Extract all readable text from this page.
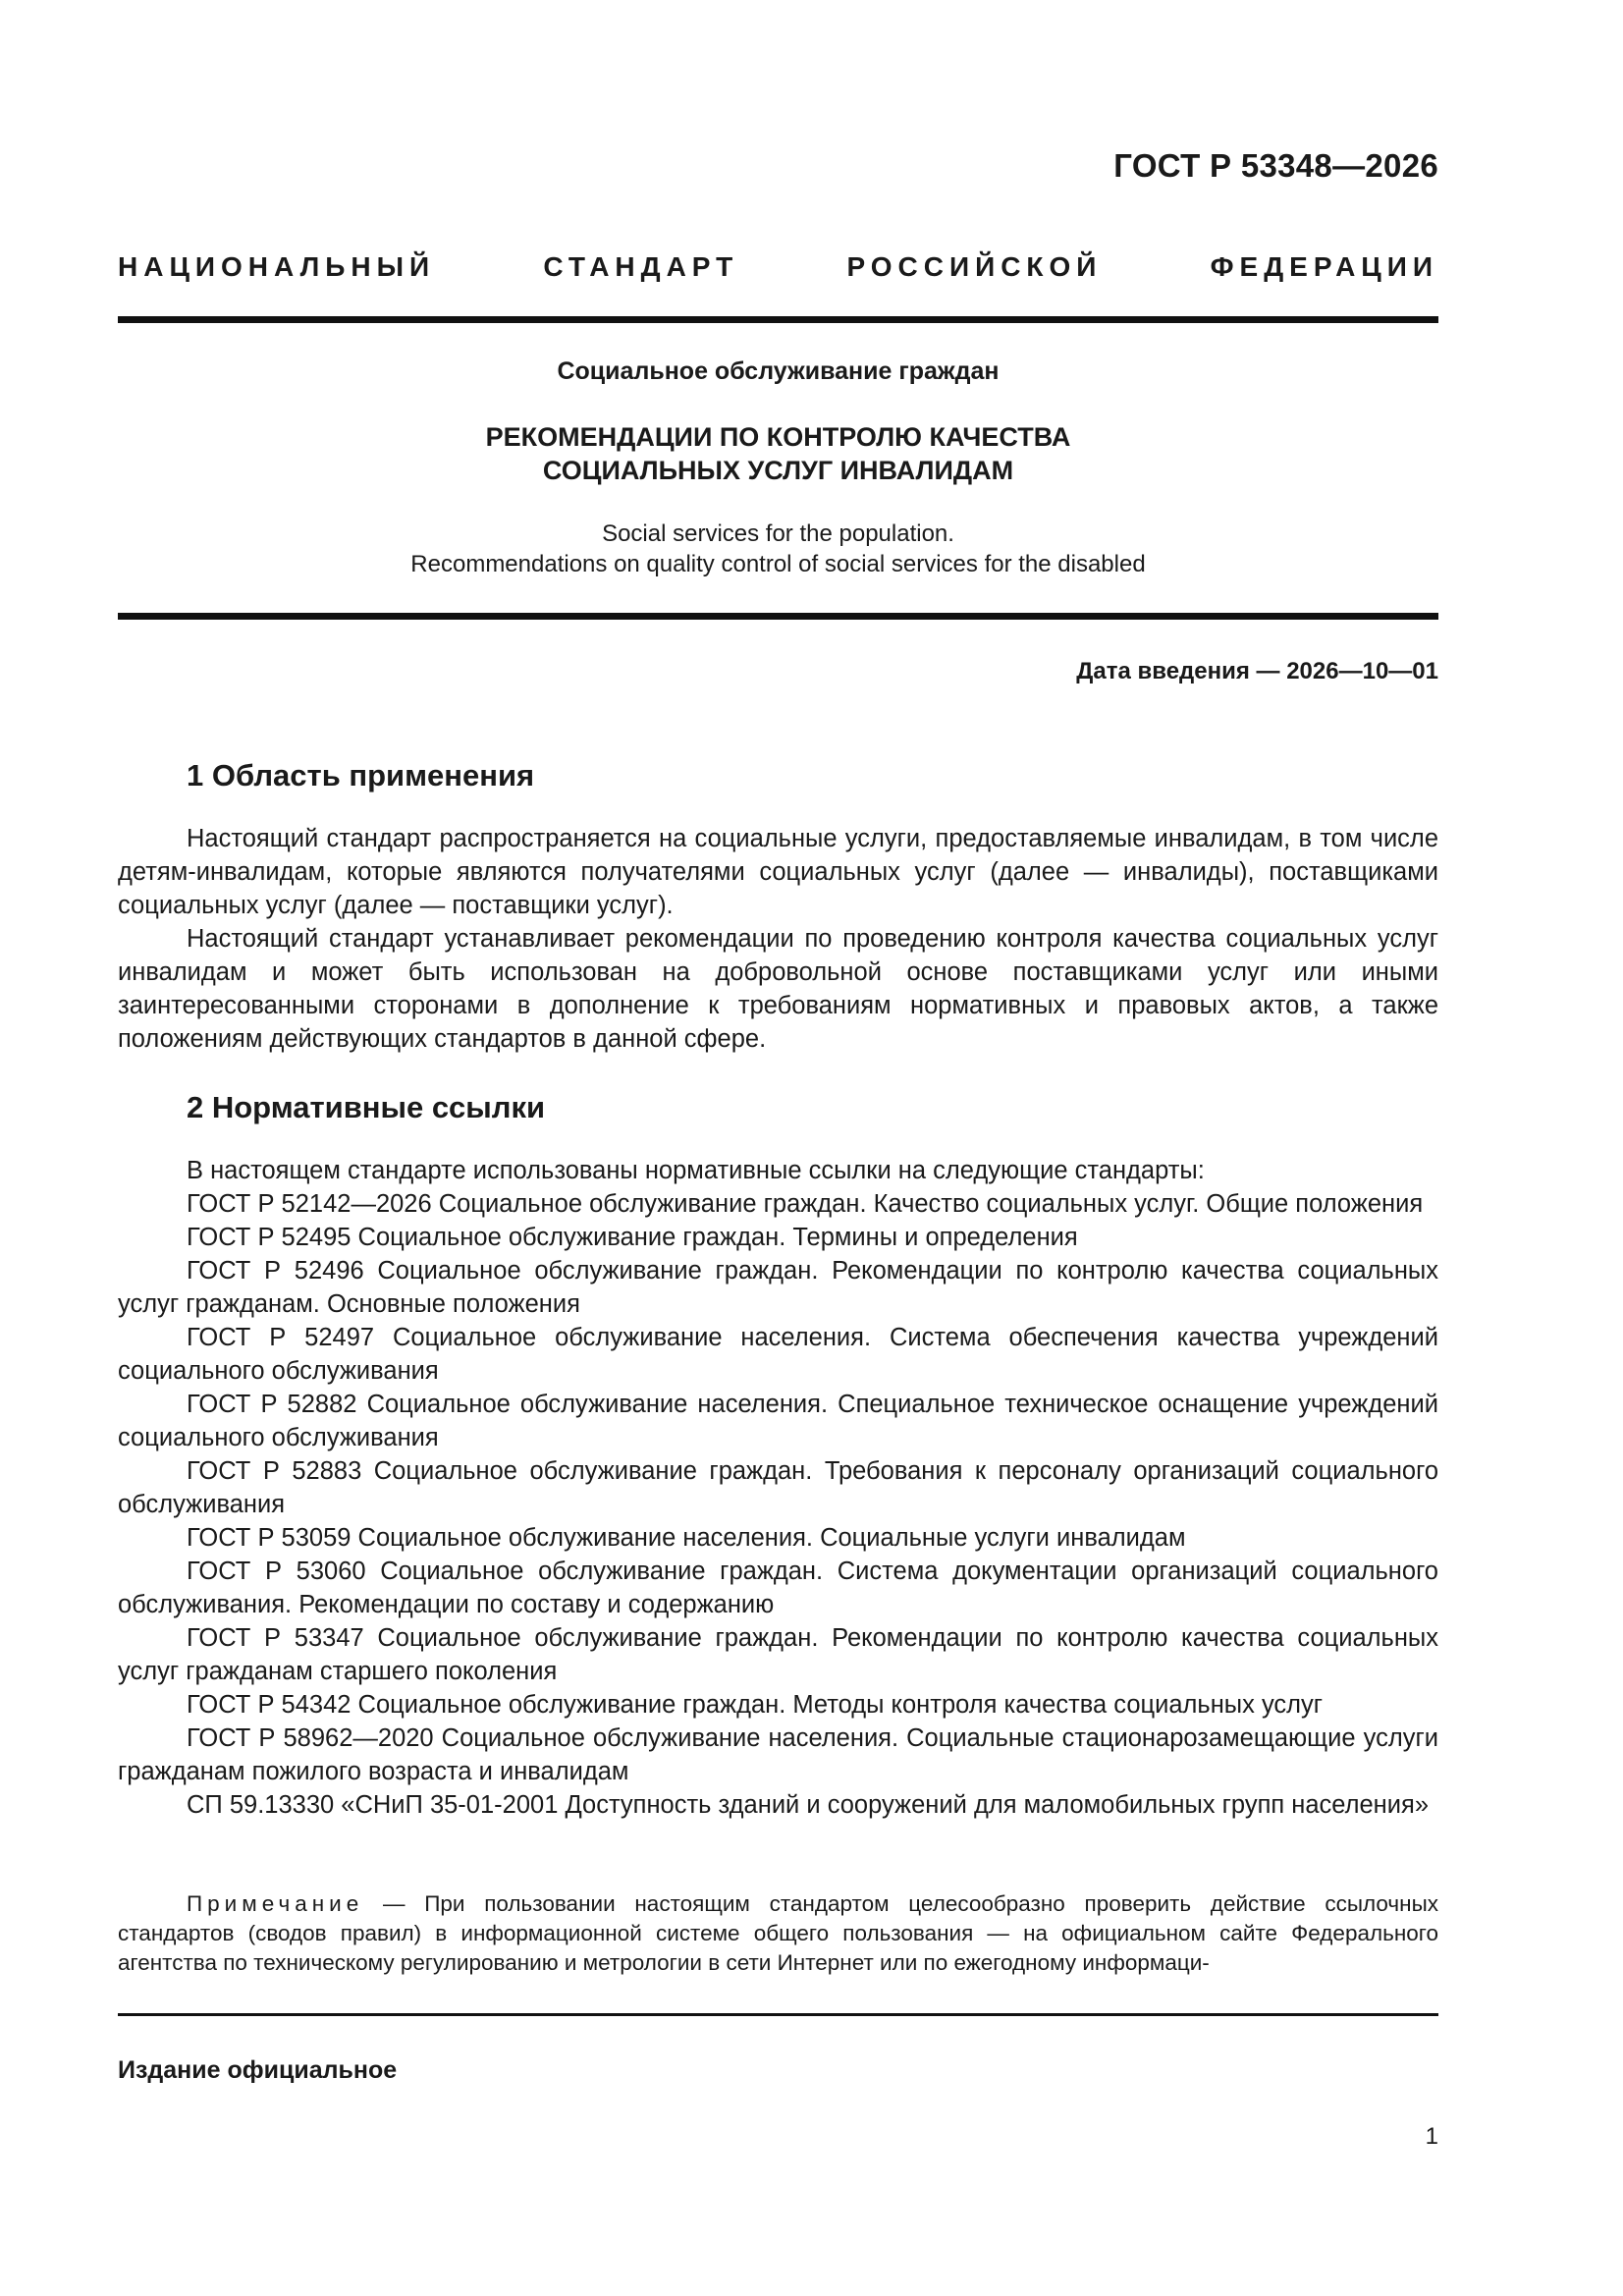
ГОСТ Р 53348—2026
НАЦИОНАЛЬНЫЙ СТАНДАРТ РОССИЙСКОЙ ФЕДЕРАЦИИ
Социальное обслуживание граждан
РЕКОМЕНДАЦИИ ПО КОНТРОЛЮ КАЧЕСТВА
СОЦИАЛЬНЫХ УСЛУГ ИНВАЛИДАМ
Social services for the population.
Recommendations on quality control of social services for the disabled
Дата введения — 2026—10—01
1 Область применения

Настоящий стандарт распространяется на социальные услуги, предоставляемые инвалидам, в том числе детям-инвалидам, которые являются получателями социальных услуг (далее — инвалиды), поставщиками социальных услуг (далее — поставщики услуг).

Настоящий стандарт устанавливает рекомендации по проведению контроля качества социальных услуг инвалидам и может быть использован на добровольной основе поставщиками услуг или иными заинтересованными сторонами в дополнение к требованиям нормативных и правовых актов, а также положениям действующих стандартов в данной сфере.

2 Нормативные ссылки

В настоящем стандарте использованы нормативные ссылки на следующие стандарты:

ГОСТ Р 52142—2026 Социальное обслуживание граждан. Качество социальных услуг. Общие положения

ГОСТ Р 52495 Социальное обслуживание граждан. Термины и определения

ГОСТ Р 52496 Социальное обслуживание граждан. Рекомендации по контролю качества социальных услуг гражданам. Основные положения

ГОСТ Р 52497 Социальное обслуживание населения. Система обеспечения качества учреждений социального обслуживания

ГОСТ Р 52882 Социальное обслуживание населения. Специальное техническое оснащение учреждений социального обслуживания

ГОСТ Р 52883 Социальное обслуживание граждан. Требования к персоналу организаций социального обслуживания

ГОСТ Р 53059 Социальное обслуживание населения. Социальные услуги инвалидам

ГОСТ Р 53060 Социальное обслуживание граждан. Система документации организаций социального обслуживания. Рекомендации по составу и содержанию

ГОСТ Р 53347 Социальное обслуживание граждан. Рекомендации по контролю качества социальных услуг гражданам старшего поколения

ГОСТ Р 54342 Социальное обслуживание граждан. Методы контроля качества социальных услуг

ГОСТ Р 58962—2020 Социальное обслуживание населения. Социальные стационарозамещающие услуги гражданам пожилого возраста и инвалидам

СП 59.13330 «СНиП 35-01-2001 Доступность зданий и сооружений для маломобильных групп населения»

Примечание — При пользовании настоящим стандартом целесообразно проверить действие ссылочных стандартов (сводов правил) в информационной системе общего пользования — на официальном сайте Федерального агентства по техническому регулированию и метрологии в сети Интернет или по ежегодному информаци-
Издание официальное
1
